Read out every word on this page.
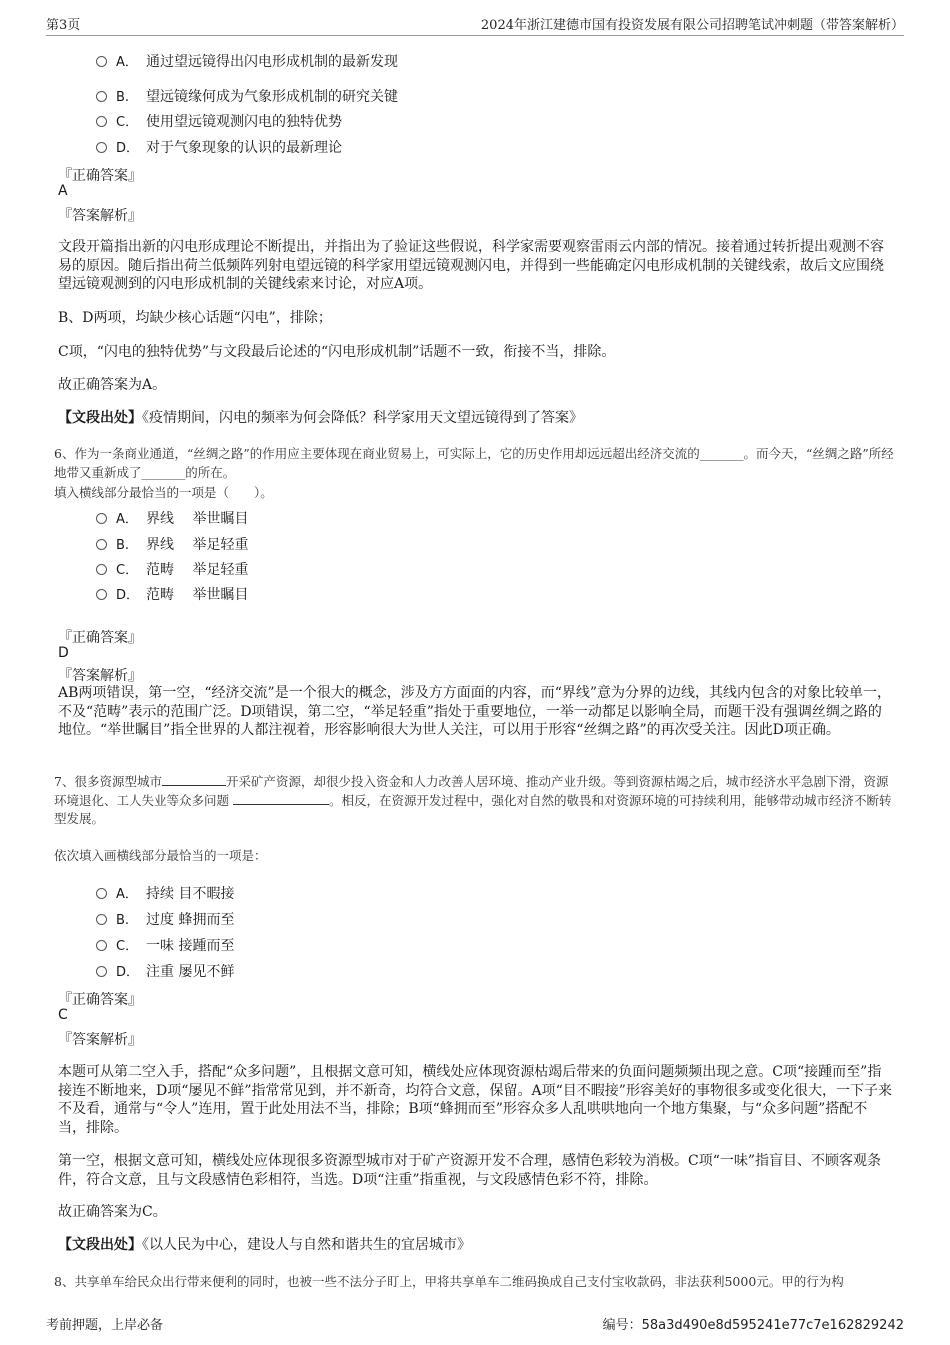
第3页	2024年浙江建德市国有投资发展有限公司招聘笔试冲刺题（带答案解析）
A． 通过望远镜得出闪电形成机制的最新发现
B. 望远镜缘何成为气象形成机制的研究关键
C． 使用望远镜观测闪电的独特优势
D． 对于气象现象的认识的最新理论
『正确答案』
A
『答案解析』
文段开篇指出新的闪电形成理论不断提出，并指出为了验证这些假说，科学家需要观察雷雨云内部的情况。接着通过转折提出观测不容易的原因。随后指出荷兰低频阵列射电望远镜的科学家用望远镜观测闪电，并得到一些能确定闪电形成机制的关键线索，故后文应围绕望远镜观测到的闪电形成机制的关键线索来讨论，对应A项。
B、D两项，均缺少核心话题“闪电”，排除；
C项，“闪电的独特优势”与文段最后论述的“闪电形成机制”话题不一致，衔接不当，排除。
故正确答案为A。
【文段出处】《疫情期间，闪电的频率为何会降低？科学家用天文望远镜得到了答案》
6、作为一条商业通道，“丝绸之路”的作用应主要体现在商业贸易上，可实际上，它的历史作用却远远超出经济交流的_______。而今天，“丝绸之路”所经地带又重新成了_______的所在。
填入横线部分最恰当的一项是（　　）。
A． 界线　 举世瞩目
B. 界线　 举足轻重
C． 范畴　 举足轻重
D． 范畴　 举世瞩目
『正确答案』
D
『答案解析』
AB两项错误，第一空，“经济交流”是一个很大的概念，涉及方方面面的内容，而“界线”意为分界的边线，其线内包含的对象比较单一，不及“范畴”表示的范围广泛。D项错误，第二空，“举足轻重”指处于重要地位，一举一动都足以影响全局，而题干没有强调丝绸之路的地位。“举世瞩目”指全世界的人都注视着，形容影响很大为世人关注，可以用于形容“丝绸之路”的再次受关注。因此D项正确。
7、很多资源型城市	开采矿产资源，却很少投入资金和人力改善人居环境、推动产业升级。等到资源枯竭之后，城市经济水平急剧下滑，资源环境退化、工人失业等众多问题	。相反，在资源开发过程中，强化对自然的敬畏和对资源环境的可持续利用，能够带动城市经济不断转型发展。
依次填入画横线部分最恰当的一项是：
A． 持续 目不暇接
B. 过度 蜂拥而至
C． 一味 接踵而至
D． 注重 屡见不鲜
『正确答案』
C
『答案解析』
本题可从第二空入手，搭配“众多问题”，且根据文意可知，横线处应体现资源枯竭后带来的负面问题频频出现之意。C项“接踵而至”指接连不断地来，D项“屡见不鲜”指常常见到，并不新奇，均符合文意，保留。A项“目不暇接”形容美好的事物很多或变化很大，一下子来不及看，通常与“令人”连用，置于此处用法不当，排除；B项“蜂拥而至”形容众多人乱哄哄地向一个地方集聚，与“众多问题”搭配不当，排除。
第一空，根据文意可知，横线处应体现很多资源型城市对于矿产资源开发不合理，感情色彩较为消极。C项“一味”指盲目、不顾客观条件，符合文意，且与文段感情色彩相符，当选。D项“注重”指重视，与文段感情色彩不符，排除。
故正确答案为C。
【文段出处】《以人民为中心，建设人与自然和谐共生的宜居城市》
8、共享单车给民众出行带来便利的同时，也被一些不法分子盯上，甲将共享单车二维码换成自己支付宝收款码，非法获利5000元。甲的行为构
考前押题，上岸必备	编号：58a3d490e8d595241e77c7e162829242
